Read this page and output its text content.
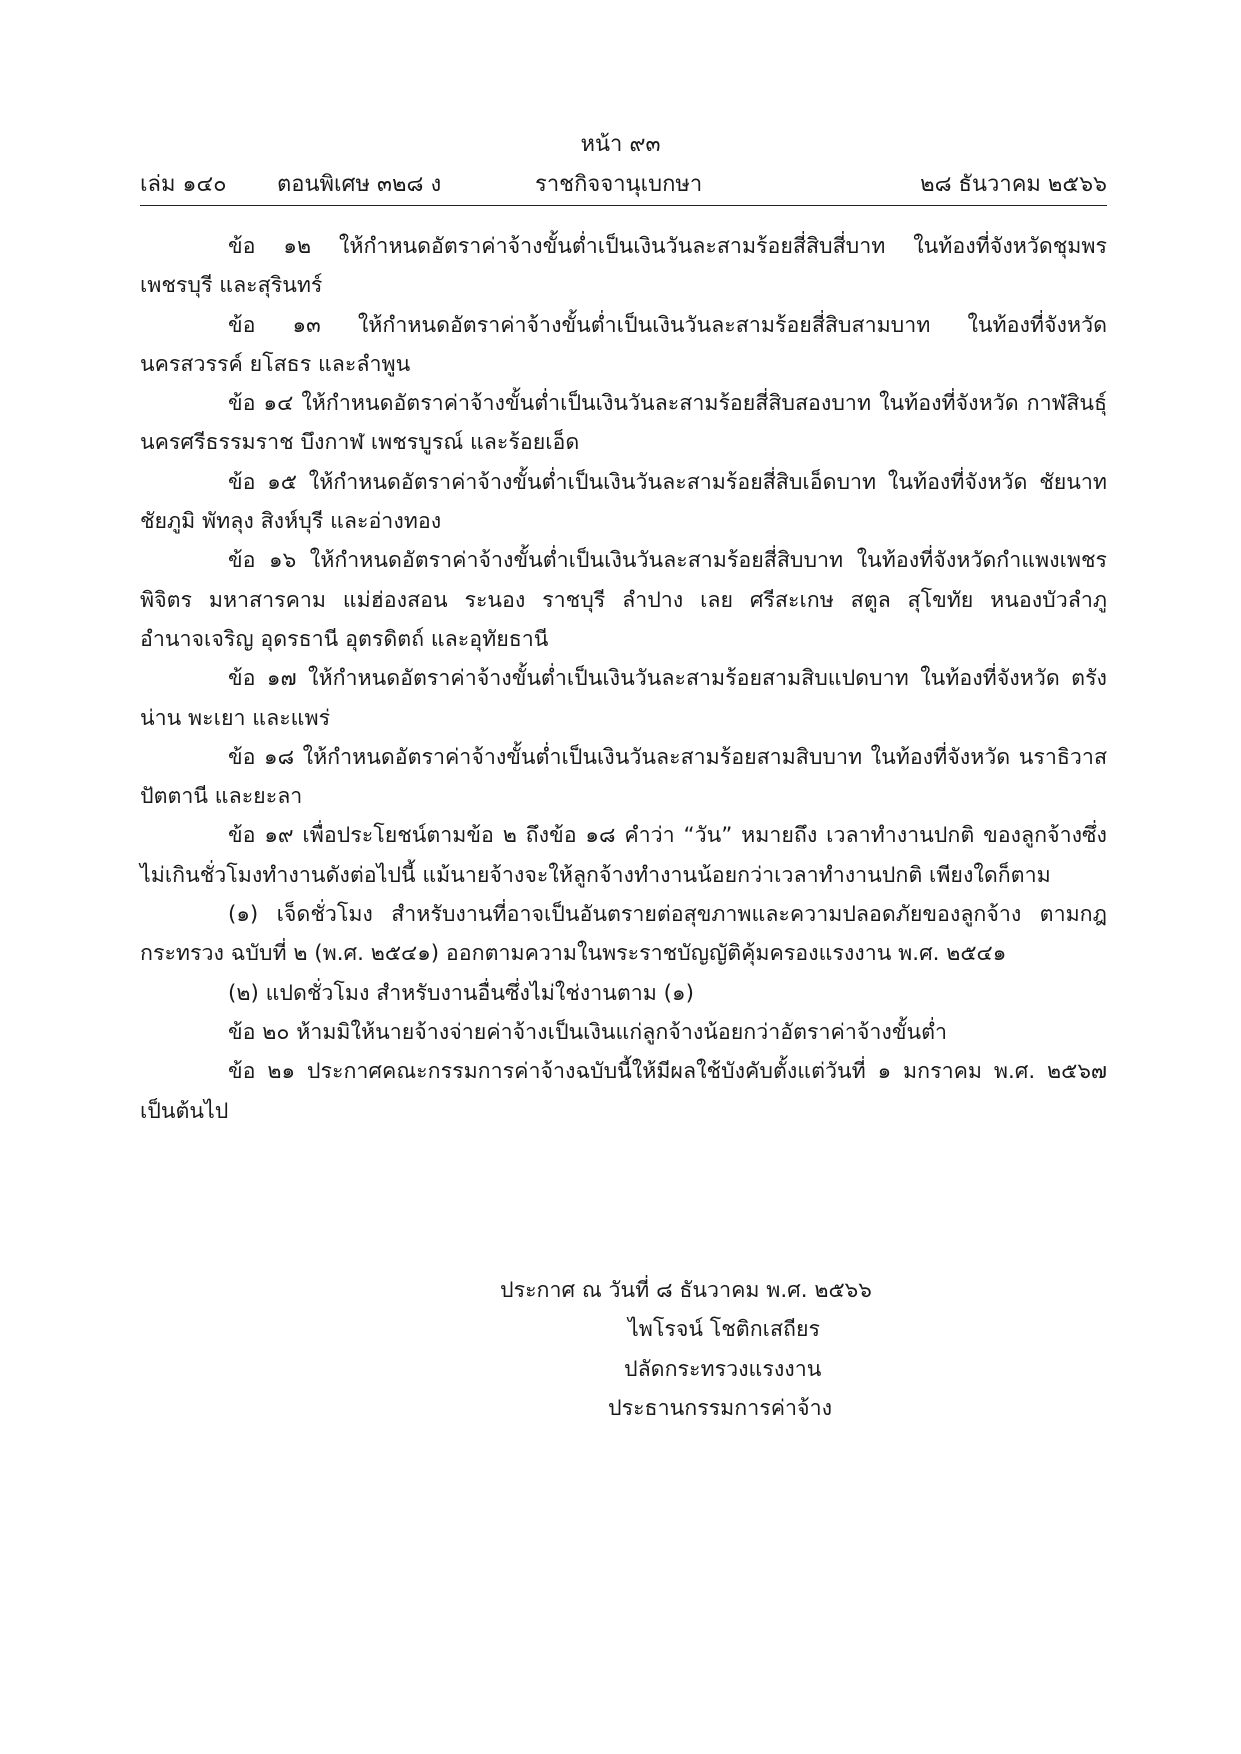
หน้า ๙๓
เล่ม ๑๔๐ ตอนพิเศษ ๓๒๘ ง	ราชกิจจานุเบกษา	๒๘ ธันวาคม ๒๕๖๖

ข้อ ๑๒ ให้กำหนดอัตราค่าจ้างขั้นต่ำเป็นเงินวันละสามร้อยสี่สิบสี่บาท ในท้องที่จังหวัดชุมพร เพชรบุรี และสุรินทร์

ข้อ ๑๓ ให้กำหนดอัตราค่าจ้างขั้นต่ำเป็นเงินวันละสามร้อยสี่สิบสามบาท ในท้องที่จังหวัด นครสวรรค์ ยโสธร และลำพูน

ข้อ ๑๔ ให้กำหนดอัตราค่าจ้างขั้นต่ำเป็นเงินวันละสามร้อยสี่สิบสองบาท ในท้องที่จังหวัด กาฬสินธุ์ นครศรีธรรมราช บึงกาฬ เพชรบูรณ์ และร้อยเอ็ด

ข้อ ๑๕ ให้กำหนดอัตราค่าจ้างขั้นต่ำเป็นเงินวันละสามร้อยสี่สิบเอ็ดบาท ในท้องที่จังหวัด ชัยนาท ชัยภูมิ พัทลุง สิงห์บุรี และอ่างทอง

ข้อ ๑๖ ให้กำหนดอัตราค่าจ้างขั้นต่ำเป็นเงินวันละสามร้อยสี่สิบบาท ในท้องที่จังหวัดกำแพงเพชร พิจิตร มหาสารคาม แม่ฮ่องสอน ระนอง ราชบุรี ลำปาง เลย ศรีสะเกษ สตูล สุโขทัย หนองบัวลำภู อำนาจเจริญ อุดรธานี อุตรดิตถ์ และอุทัยธานี

ข้อ ๑๗ ให้กำหนดอัตราค่าจ้างขั้นต่ำเป็นเงินวันละสามร้อยสามสิบแปดบาท ในท้องที่จังหวัด ตรัง น่าน พะเยา และแพร่

ข้อ ๑๘ ให้กำหนดอัตราค่าจ้างขั้นต่ำเป็นเงินวันละสามร้อยสามสิบบาท ในท้องที่จังหวัด นราธิวาส ปัตตานี และยะลา

ข้อ ๑๙ เพื่อประโยชน์ตามข้อ ๒ ถึงข้อ ๑๘ คำว่า “วัน” หมายถึง เวลาทำงานปกติ ของลูกจ้างซึ่งไม่เกินชั่วโมงทำงานดังต่อไปนี้ แม้นายจ้างจะให้ลูกจ้างทำงานน้อยกว่าเวลาทำงานปกติ เพียงใดก็ตาม

(๑) เจ็ดชั่วโมง สำหรับงานที่อาจเป็นอันตรายต่อสุขภาพและความปลอดภัยของลูกจ้าง ตามกฎกระทรวง ฉบับที่ ๒ (พ.ศ. ๒๕๔๑) ออกตามความในพระราชบัญญัติคุ้มครองแรงงาน พ.ศ. ๒๕๔๑

(๒) แปดชั่วโมง สำหรับงานอื่นซึ่งไม่ใช่งานตาม (๑)

ข้อ ๒๐ ห้ามมิให้นายจ้างจ่ายค่าจ้างเป็นเงินแก่ลูกจ้างน้อยกว่าอัตราค่าจ้างขั้นต่ำ

ข้อ ๒๑ ประกาศคณะกรรมการค่าจ้างฉบับนี้ให้มีผลใช้บังคับตั้งแต่วันที่ ๑ มกราคม พ.ศ. ๒๕๖๗ เป็นต้นไป

ประกาศ ณ วันที่ ๘ ธันวาคม พ.ศ. ๒๕๖๖
ไพโรจน์ โชติกเสถียร
ปลัดกระทรวงแรงงาน
ประธานกรรมการค่าจ้าง
